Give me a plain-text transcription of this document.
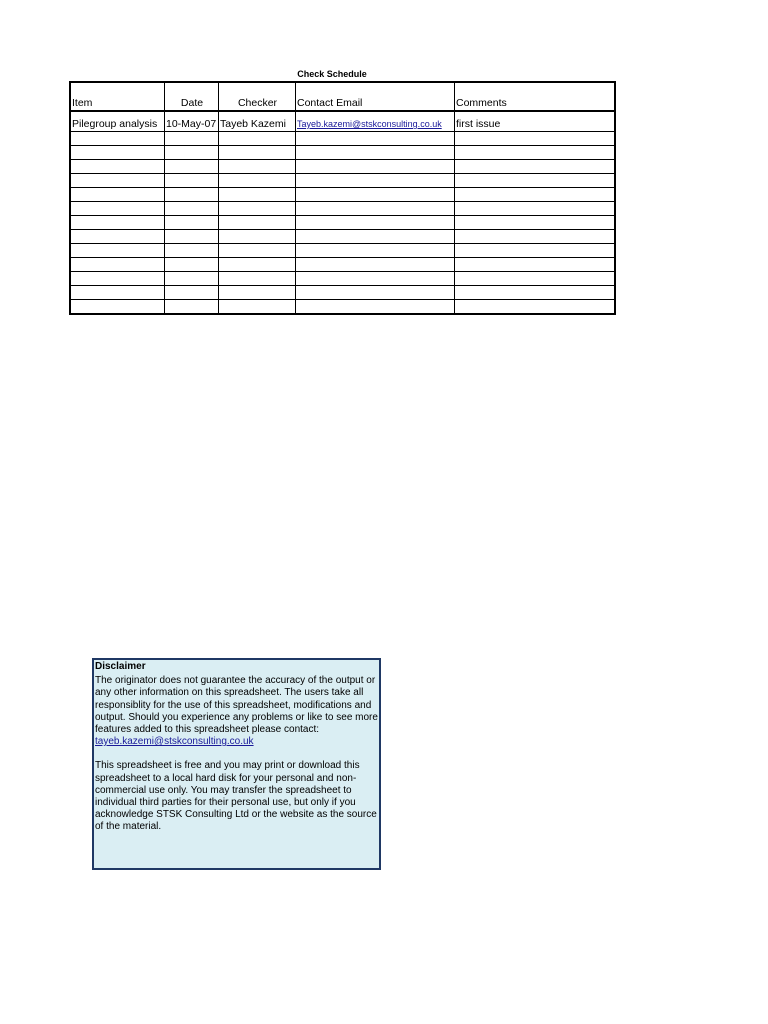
Check Schedule
Item	Date	Checker	Contact Email	Comments
Pilegroup analysis	10-May-07	Tayeb Kazemi	Tayeb.kazemi@stskconsulting.co.uk	first issue

Disclaimer

The originator does not guarantee the accuracy of the output or any other information on this spreadsheet. The users take all responsiblity for the use of this spreadsheet, modifications and output. Should you experience any problems or like to see more features added to this spreadsheet please contact:

tayeb.kazemi@stskconsulting.co.uk

This spreadsheet is free and you may print or download this spreadsheet to a local hard disk for your personal and non-commercial use only. You may transfer the spreadsheet to individual third parties for their personal use, but only if you acknowledge STSK Consulting Ltd or the website as the source of the material.
